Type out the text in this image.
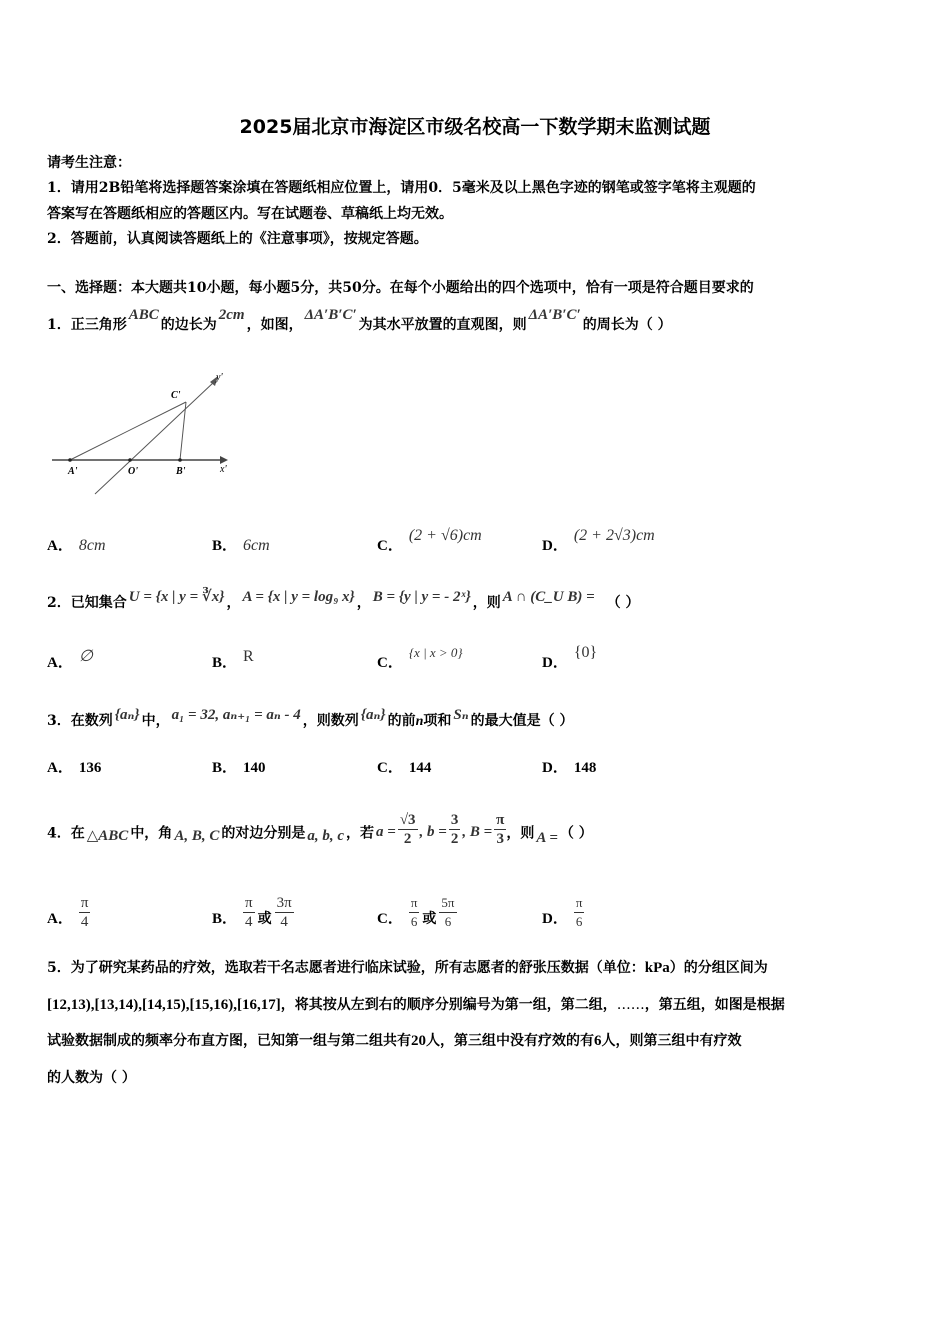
2025届北京市海淀区市级名校高一下数学期末监测试题
请考生注意：
1．请用2B铅笔将选择题答案涂填在答题纸相应位置上，请用0．5毫米及以上黑色字迹的钢笔或签字笔将主观题的
答案写在答题纸相应的答题区内。写在试题卷、草稿纸上均无效。
2．答题前，认真阅读答题纸上的《注意事项》，按规定答题。
一、选择题：本大题共10小题，每小题5分，共50分。在每个小题给出的四个选项中，恰有一项是符合题目要求的
1．正三角形ABC的边长为2cm，如图，ΔA′B′C′为其水平放置的直观图，则ΔA′B′C′的周长为（ ）
y'
x'
C'
A'	O'	B'
A． 8cm	B． 6cm	C．(2 + √6)cm
D．(2 + 2√3)cm
2．已知集合 U = {x | y = ∛x} ， A = {x | y = log₉ x} ， B = {y | y = - 2ˣ} ，则 A ∩ (C_U B) = （ ）
A． ∅	B． R	C．{x | x > 0}
D．{0}
3．在数列 {aₙ} 中， a₁ = 32, aₙ₊₁ = aₙ - 4 ，则数列 {aₙ} 的前n项和 Sₙ 的最大值是（ ）
A． 136	B． 140	C． 144	D． 148
4．在 △ABC 中，角 A, B, C 的对边分别是 a, b, c ，若 $a = \frac{√3}{2}$ , $b = \frac{3}{2}$ , $B = \frac{\pi}{3}$ ，则 A = （ ）
A． $\frac{\pi}{4}$	B． $\frac{\pi}{4}$ 或 $\frac{3\pi}{4}$	C． $\frac{\pi}{6}$ 或 $\frac{5\pi}{6}$	D． $\frac{\pi}{6}$
5．为了研究某药品的疗效，选取若干名志愿者进行临床试验，所有志愿者的舒张压数据（单位：kPa）的分组区间为
[12,13),[13,14),[14,15),[15,16),[16,17]，将其按从左到右的顺序分别编号为第一组，第二组，……，第五组，如图是根据
试验数据制成的频率分布直方图，已知第一组与第二组共有20人，第三组中没有疗效的有6人，则第三组中有疗效
的人数为（ ）
